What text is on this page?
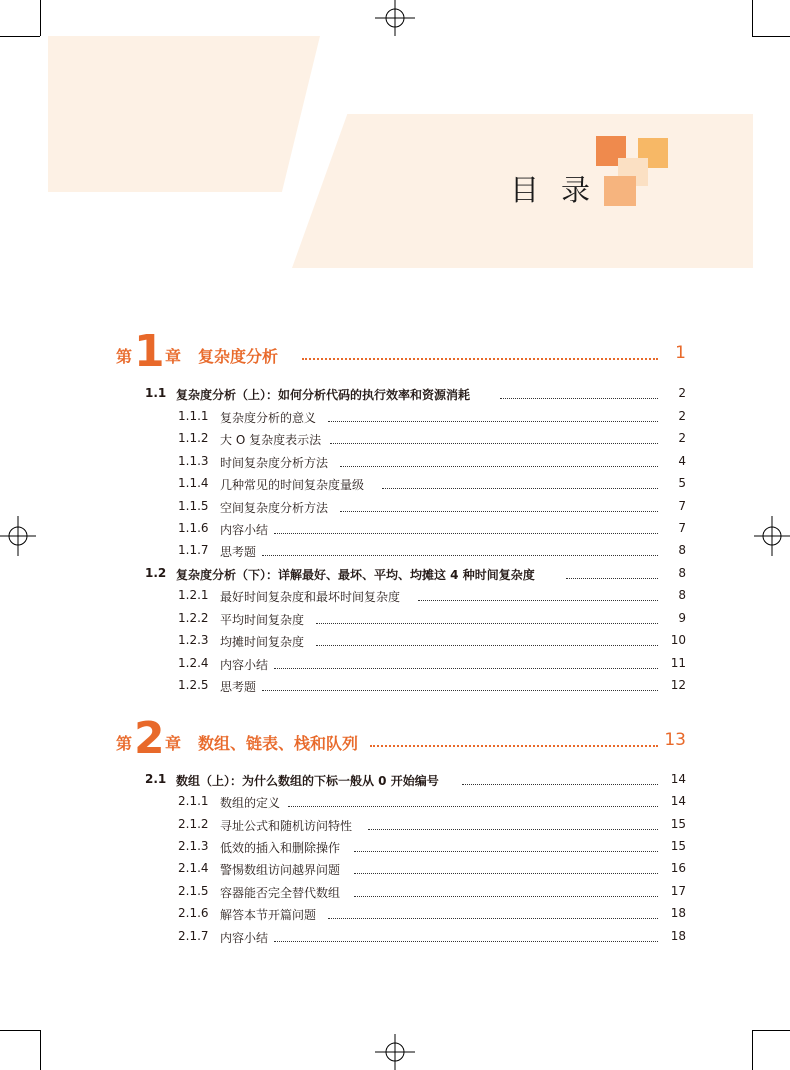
目录
第 1 章 复杂度分析	1
1.1 复杂度分析（上）：如何分析代码的执行效率和资源消耗	2
1.1.1 复杂度分析的意义	2
1.1.2 大 O 复杂度表示法	2
1.1.3 时间复杂度分析方法	4
1.1.4 几种常见的时间复杂度量级	5
1.1.5 空间复杂度分析方法	7
1.1.6 内容小结	7
1.1.7 思考题	8
1.2 复杂度分析（下）：详解最好、最坏、平均、均摊这 4 种时间复杂度	8
1.2.1 最好时间复杂度和最坏时间复杂度	8
1.2.2 平均时间复杂度	9
1.2.3 均摊时间复杂度	10
1.2.4 内容小结	11
1.2.5 思考题	12
第 2 章 数组、链表、栈和队列	13
2.1 数组（上）：为什么数组的下标一般从 0 开始编号	14
2.1.1 数组的定义	14
2.1.2 寻址公式和随机访问特性	15
2.1.3 低效的插入和删除操作	15
2.1.4 警惕数组访问越界问题	16
2.1.5 容器能否完全替代数组	17
2.1.6 解答本节开篇问题	18
2.1.7 内容小结	18
